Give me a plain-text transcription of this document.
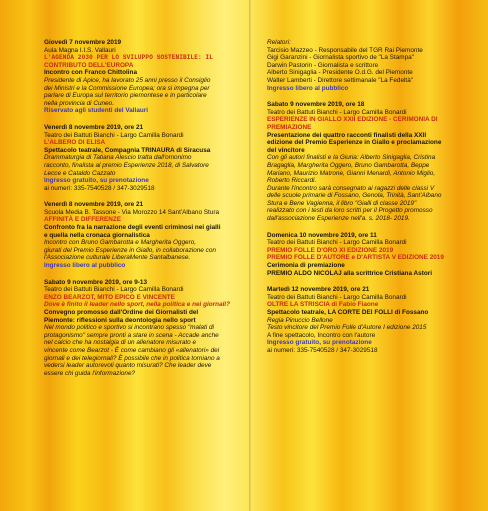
Giovedì 7 novembre 2019
Aula Magna I.I.S. Vallauri
L'AGENDA 2030 PER LO SVILUPPO SOSTENIBILE: IL
CONTRIBUTO DELL'EUROPA
Incontro con Franco Chittolina
Presidente di Apice, ha lavorato 25 anni presso il Consiglio
dei Ministri e la Commissione Europea; ora si impegna per
parlare di Europa sul territorio piemontese e in particolare
nella provincia di Cuneo.
Riservato agli studenti del Vallauri
Venerdì 8 novembre 2019, ore 21
Teatro dei Battuti Bianchi - Largo Camilla Bonardi
L'ALBERO DI ELISA
Spettacolo teatrale, Compagnia TRINAURA di Siracusa
Drammaturgia di Tatiana Alescio tratta dall'omonimo
racconto, finalista al premio Esperienze 2018, di Salvatore
Lecce e Cataldo Cazzato
Ingresso gratuito, su prenotazione
ai numeri: 335-7540528 / 347-3029518
Venerdì 8 novembre 2019, ore 21
Scuola Media B. Tassone - Via Morozzo 14 Sant'Albano Stura
AFFINITÀ E DIFFERENZE
Confronto fra la narrazione degli eventi criminosi nei gialli
e quella nella cronaca giornalistica
Incontro con Bruno Gambarotta e Margherita Oggero,
giurati del Premio Esperienze in Giallo, in collaborazione con
l'Associazione culturale LiberaMente Santalbanese.
Ingresso libero al pubblico
Sabato 9 novembre 2019, ore 9-13
Teatro dei Battuti Bianchi - Largo Camilla Bonardi
ENZO BEARZOT, MITO EPICO E VINCENTE
Dove è finito il leader nello sport, nella politica e nei giornali?
Convegno promosso dall'Ordine dei Giornalisti del
Piemonte: riflessioni sulla deontologia nello sport
Nel mondo politico e sportivo si incontrano spesso "malati di
protagonismo" sempre pronti a stare in scena - Accade anche
nel calcio che ha nostalgia di un allenatore misurato e
vincente come Bearzot - È come cambiano gli «allenatori» dei
giornali e dei telegiornali? È possibile che in politica torniano a
vedersi leader autorevoli quanto misurati? Che leader deve
essere chi guida l'informazione?
Relatori:
Tarcisio Mazzeo - Responsabile del TGR Rai Piemonte
Gigi Garanzini - Giornalista sportivo de "La Stampa"
Darwin Pastorin - Giornalista e scrittore
Alberto Sinigaglia - Presidente O.d.G. del Piemonte
Walter Lamberti - Direttore settimanale "La Fedeltà"
Ingresso libero al pubblico
Sabato 9 novembre 2019, ore 18
Teatro dei Battuti Bianchi - Largo Camilla Bonardi
ESPERIENZE IN GIALLO XXII EDIZIONE - CERIMONIA DI
PREMIAZIONE
Presentazione dei quattro racconti finalisti della XXII
edizione del Premio Esperienze in Giallo e proclamazione
del vincitore
Con gli autori finalisti e la Giuria: Alberto Sinigaglia, Cristina
Bragaglia, Margherita Oggero, Bruno Gambarotta, Beppe
Mariano, Maurizio Matrone, Gianni Menardi, Antonio Miglio,
Roberto Riccardi.
Durante l'incontro sarà consegnato ai ragazzi delle classi V
delle scuole primarie di Fossano, Genola, Trinità, Sant'Albano
Stura e Bene Vagienna, il libro "Gialli di classe 2019"
realizzato con i testi da loro scritti per il Progetto promosso
dall'associazione Esperienze nell'a. s. 2018- 2019.
Domenica 10 novembre 2019, ore 11
Teatro dei Battuti Bianchi - Largo Camilla Bonardi
PREMIO FOLLE D'ORO XI EDIZIONE 2019
PREMIO FOLLE D'AUTORE e D'ARTISTA V EDIZIONE 2019
Cerimonia di premiazione
PREMIO ALDO NICOLAJ alla scrittrice Cristiana Astori
Martedì 12 novembre 2019, ore 21
Teatro dei Battuti Bianchi - Largo Camilla Bonardi
OLTRE LA STRISCIA di Fabio Fiaone
Spettacolo teatrale, LA CORTE DEI FOLLI di Fossano
Regia Pinuccio Bellone
Testo vincitore del Premio Folle d'Autore I edizione 2015
A fine spettacolo, Incontro con l'autore
Ingresso gratuito, su prenotazione
ai numeri: 335-7540528 / 347-3029518
